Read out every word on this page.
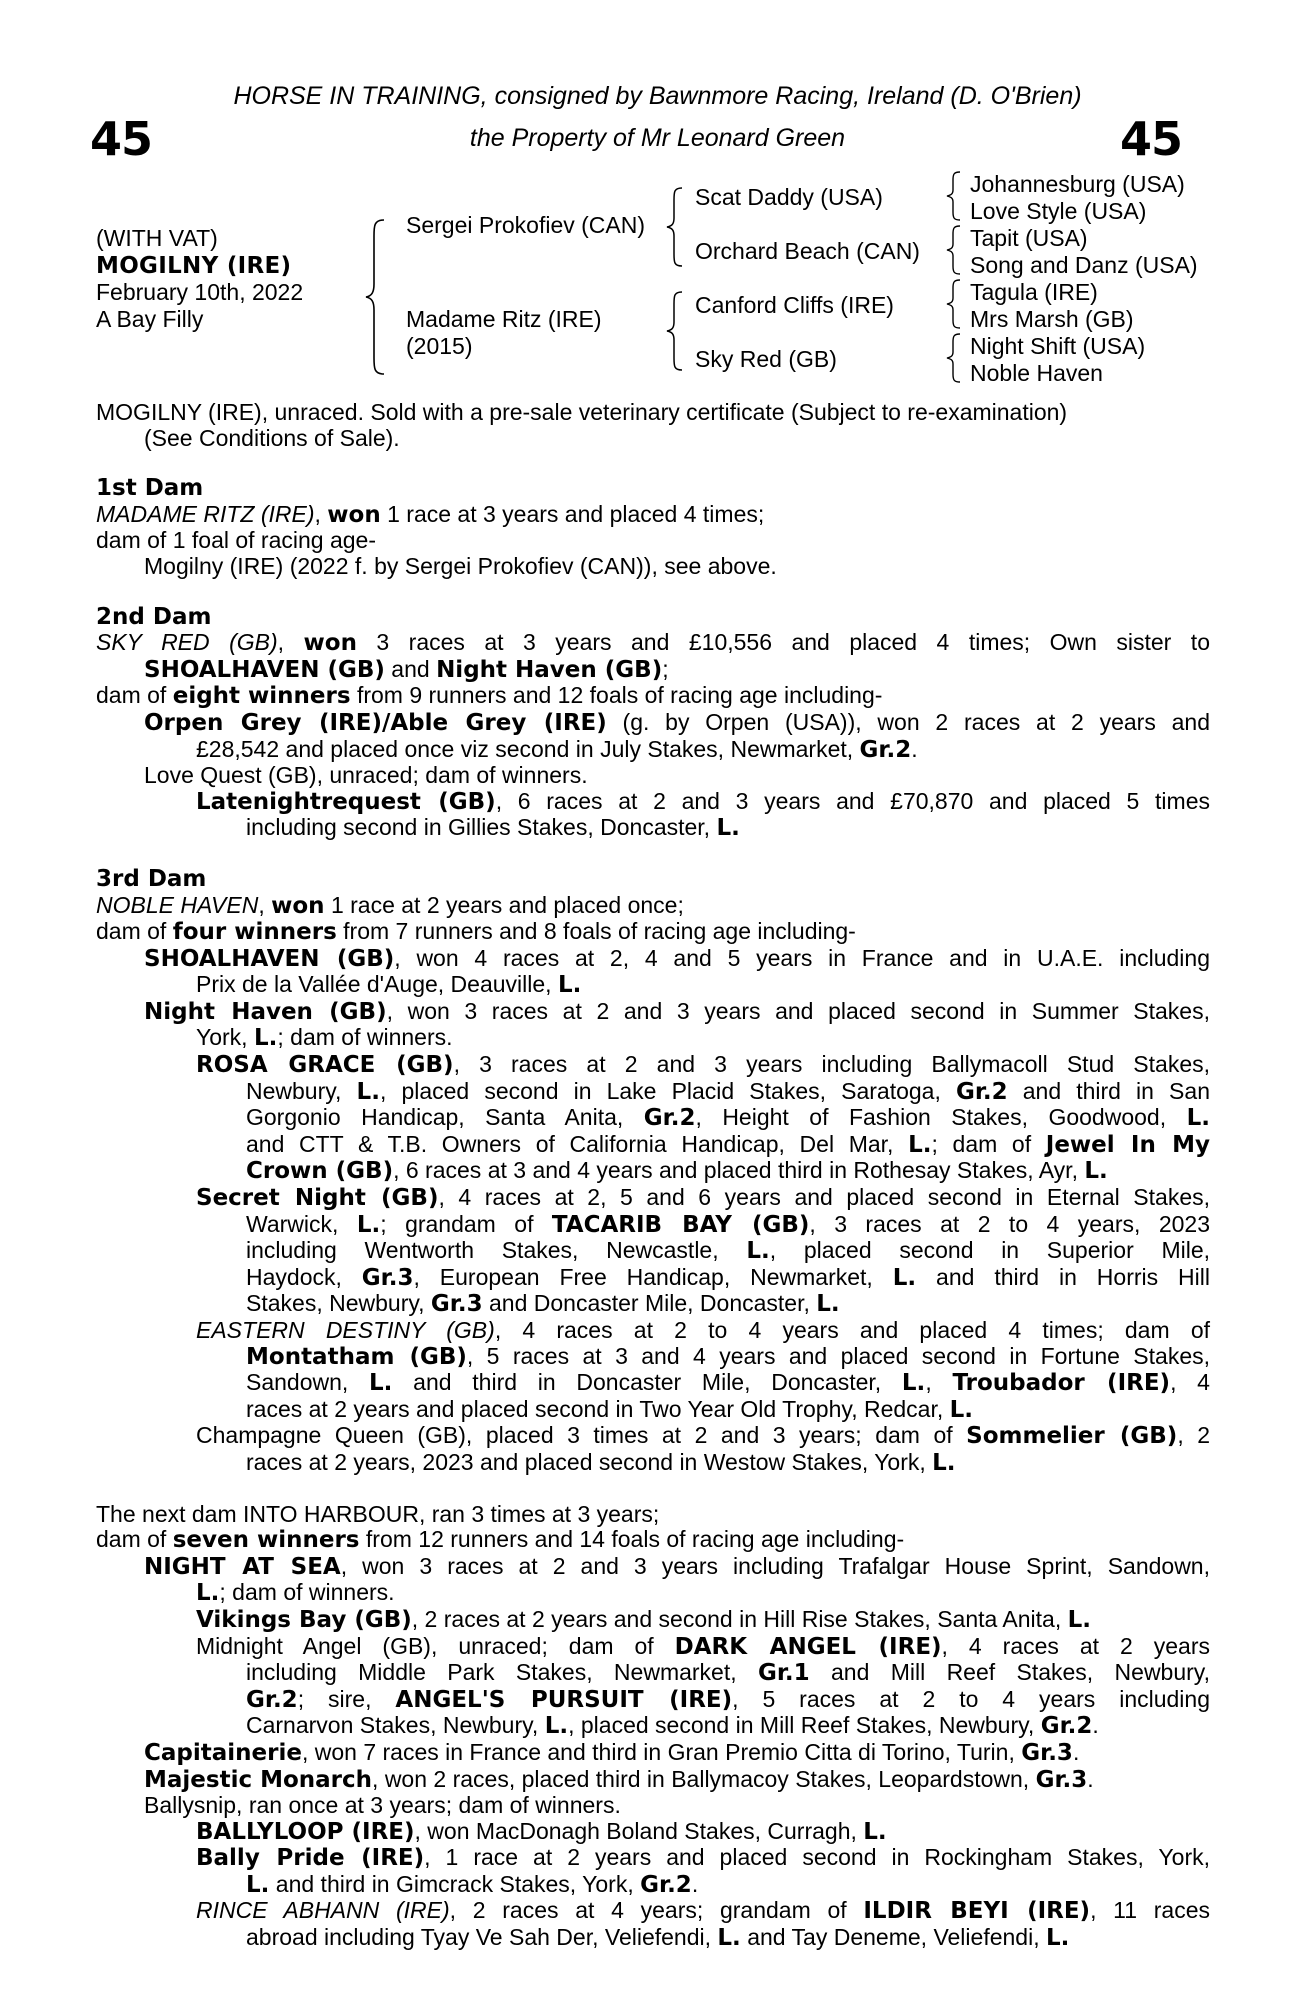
HORSE IN TRAINING, consigned by Bawnmore Racing, Ireland (D. O'Brien)
the Property of Mr Leonard Green
45	45
(WITH VAT)
MOGILNY (IRE)
February 10th, 2022
A Bay Filly
Sergei Prokofiev (CAN)
Madame Ritz (IRE)
(2015)
Scat Daddy (USA)
Orchard Beach (CAN)
Canford Cliffs (IRE)
Sky Red (GB)
Johannesburg (USA)
Love Style (USA)
Tapit (USA)
Song and Danz (USA)
Tagula (IRE)
Mrs Marsh (GB)
Night Shift (USA)
Noble Haven

MOGILNY (IRE), unraced. Sold with a pre-sale veterinary certificate (Subject to re-examination)

(See Conditions of Sale).

1st Dam

MADAME RITZ (IRE), won 1 race at 3 years and placed 4 times;

dam of 1 foal of racing age-

Mogilny (IRE) (2022 f. by Sergei Prokofiev (CAN)), see above.

2nd Dam

SKY RED (GB), won 3 races at 3 years and £10,556 and placed 4 times; Own sister to

SHOALHAVEN (GB) and Night Haven (GB);

dam of eight winners from 9 runners and 12 foals of racing age including-

Orpen Grey (IRE)/Able Grey (IRE) (g. by Orpen (USA)), won 2 races at 2 years and

£28,542 and placed once viz second in July Stakes, Newmarket, Gr.2.

Love Quest (GB), unraced; dam of winners.

Latenightrequest (GB), 6 races at 2 and 3 years and £70,870 and placed 5 times

including second in Gillies Stakes, Doncaster, L.

3rd Dam

NOBLE HAVEN, won 1 race at 2 years and placed once;

dam of four winners from 7 runners and 8 foals of racing age including-

SHOALHAVEN (GB), won 4 races at 2, 4 and 5 years in France and in U.A.E. including

Prix de la Vallée d'Auge, Deauville, L.

Night Haven (GB), won 3 races at 2 and 3 years and placed second in Summer Stakes,

York, L.; dam of winners.

ROSA GRACE (GB), 3 races at 2 and 3 years including Ballymacoll Stud Stakes,

Newbury, L., placed second in Lake Placid Stakes, Saratoga, Gr.2 and third in San

Gorgonio Handicap, Santa Anita, Gr.2, Height of Fashion Stakes, Goodwood, L.

and CTT & T.B. Owners of California Handicap, Del Mar, L.; dam of Jewel In My

Crown (GB), 6 races at 3 and 4 years and placed third in Rothesay Stakes, Ayr, L.

Secret Night (GB), 4 races at 2, 5 and 6 years and placed second in Eternal Stakes,

Warwick, L.; grandam of TACARIB BAY (GB), 3 races at 2 to 4 years, 2023

including Wentworth Stakes, Newcastle, L., placed second in Superior Mile,

Haydock, Gr.3, European Free Handicap, Newmarket, L. and third in Horris Hill

Stakes, Newbury, Gr.3 and Doncaster Mile, Doncaster, L.

EASTERN DESTINY (GB), 4 races at 2 to 4 years and placed 4 times; dam of

Montatham (GB), 5 races at 3 and 4 years and placed second in Fortune Stakes,

Sandown, L. and third in Doncaster Mile, Doncaster, L., Troubador (IRE), 4

races at 2 years and placed second in Two Year Old Trophy, Redcar, L.

Champagne Queen (GB), placed 3 times at 2 and 3 years; dam of Sommelier (GB), 2

races at 2 years, 2023 and placed second in Westow Stakes, York, L.

The next dam INTO HARBOUR, ran 3 times at 3 years;

dam of seven winners from 12 runners and 14 foals of racing age including-

NIGHT AT SEA, won 3 races at 2 and 3 years including Trafalgar House Sprint, Sandown,

L.; dam of winners.

Vikings Bay (GB), 2 races at 2 years and second in Hill Rise Stakes, Santa Anita, L.

Midnight Angel (GB), unraced; dam of DARK ANGEL (IRE), 4 races at 2 years

including Middle Park Stakes, Newmarket, Gr.1 and Mill Reef Stakes, Newbury,

Gr.2; sire, ANGEL'S PURSUIT (IRE), 5 races at 2 to 4 years including

Carnarvon Stakes, Newbury, L., placed second in Mill Reef Stakes, Newbury, Gr.2.

Capitainerie, won 7 races in France and third in Gran Premio Citta di Torino, Turin, Gr.3.

Majestic Monarch, won 2 races, placed third in Ballymacoy Stakes, Leopardstown, Gr.3.

Ballysnip, ran once at 3 years; dam of winners.

BALLYLOOP (IRE), won MacDonagh Boland Stakes, Curragh, L.

Bally Pride (IRE), 1 race at 2 years and placed second in Rockingham Stakes, York,

L. and third in Gimcrack Stakes, York, Gr.2.

RINCE ABHANN (IRE), 2 races at 4 years; grandam of ILDIR BEYI (IRE), 11 races

abroad including Tyay Ve Sah Der, Veliefendi, L. and Tay Deneme, Veliefendi, L.
